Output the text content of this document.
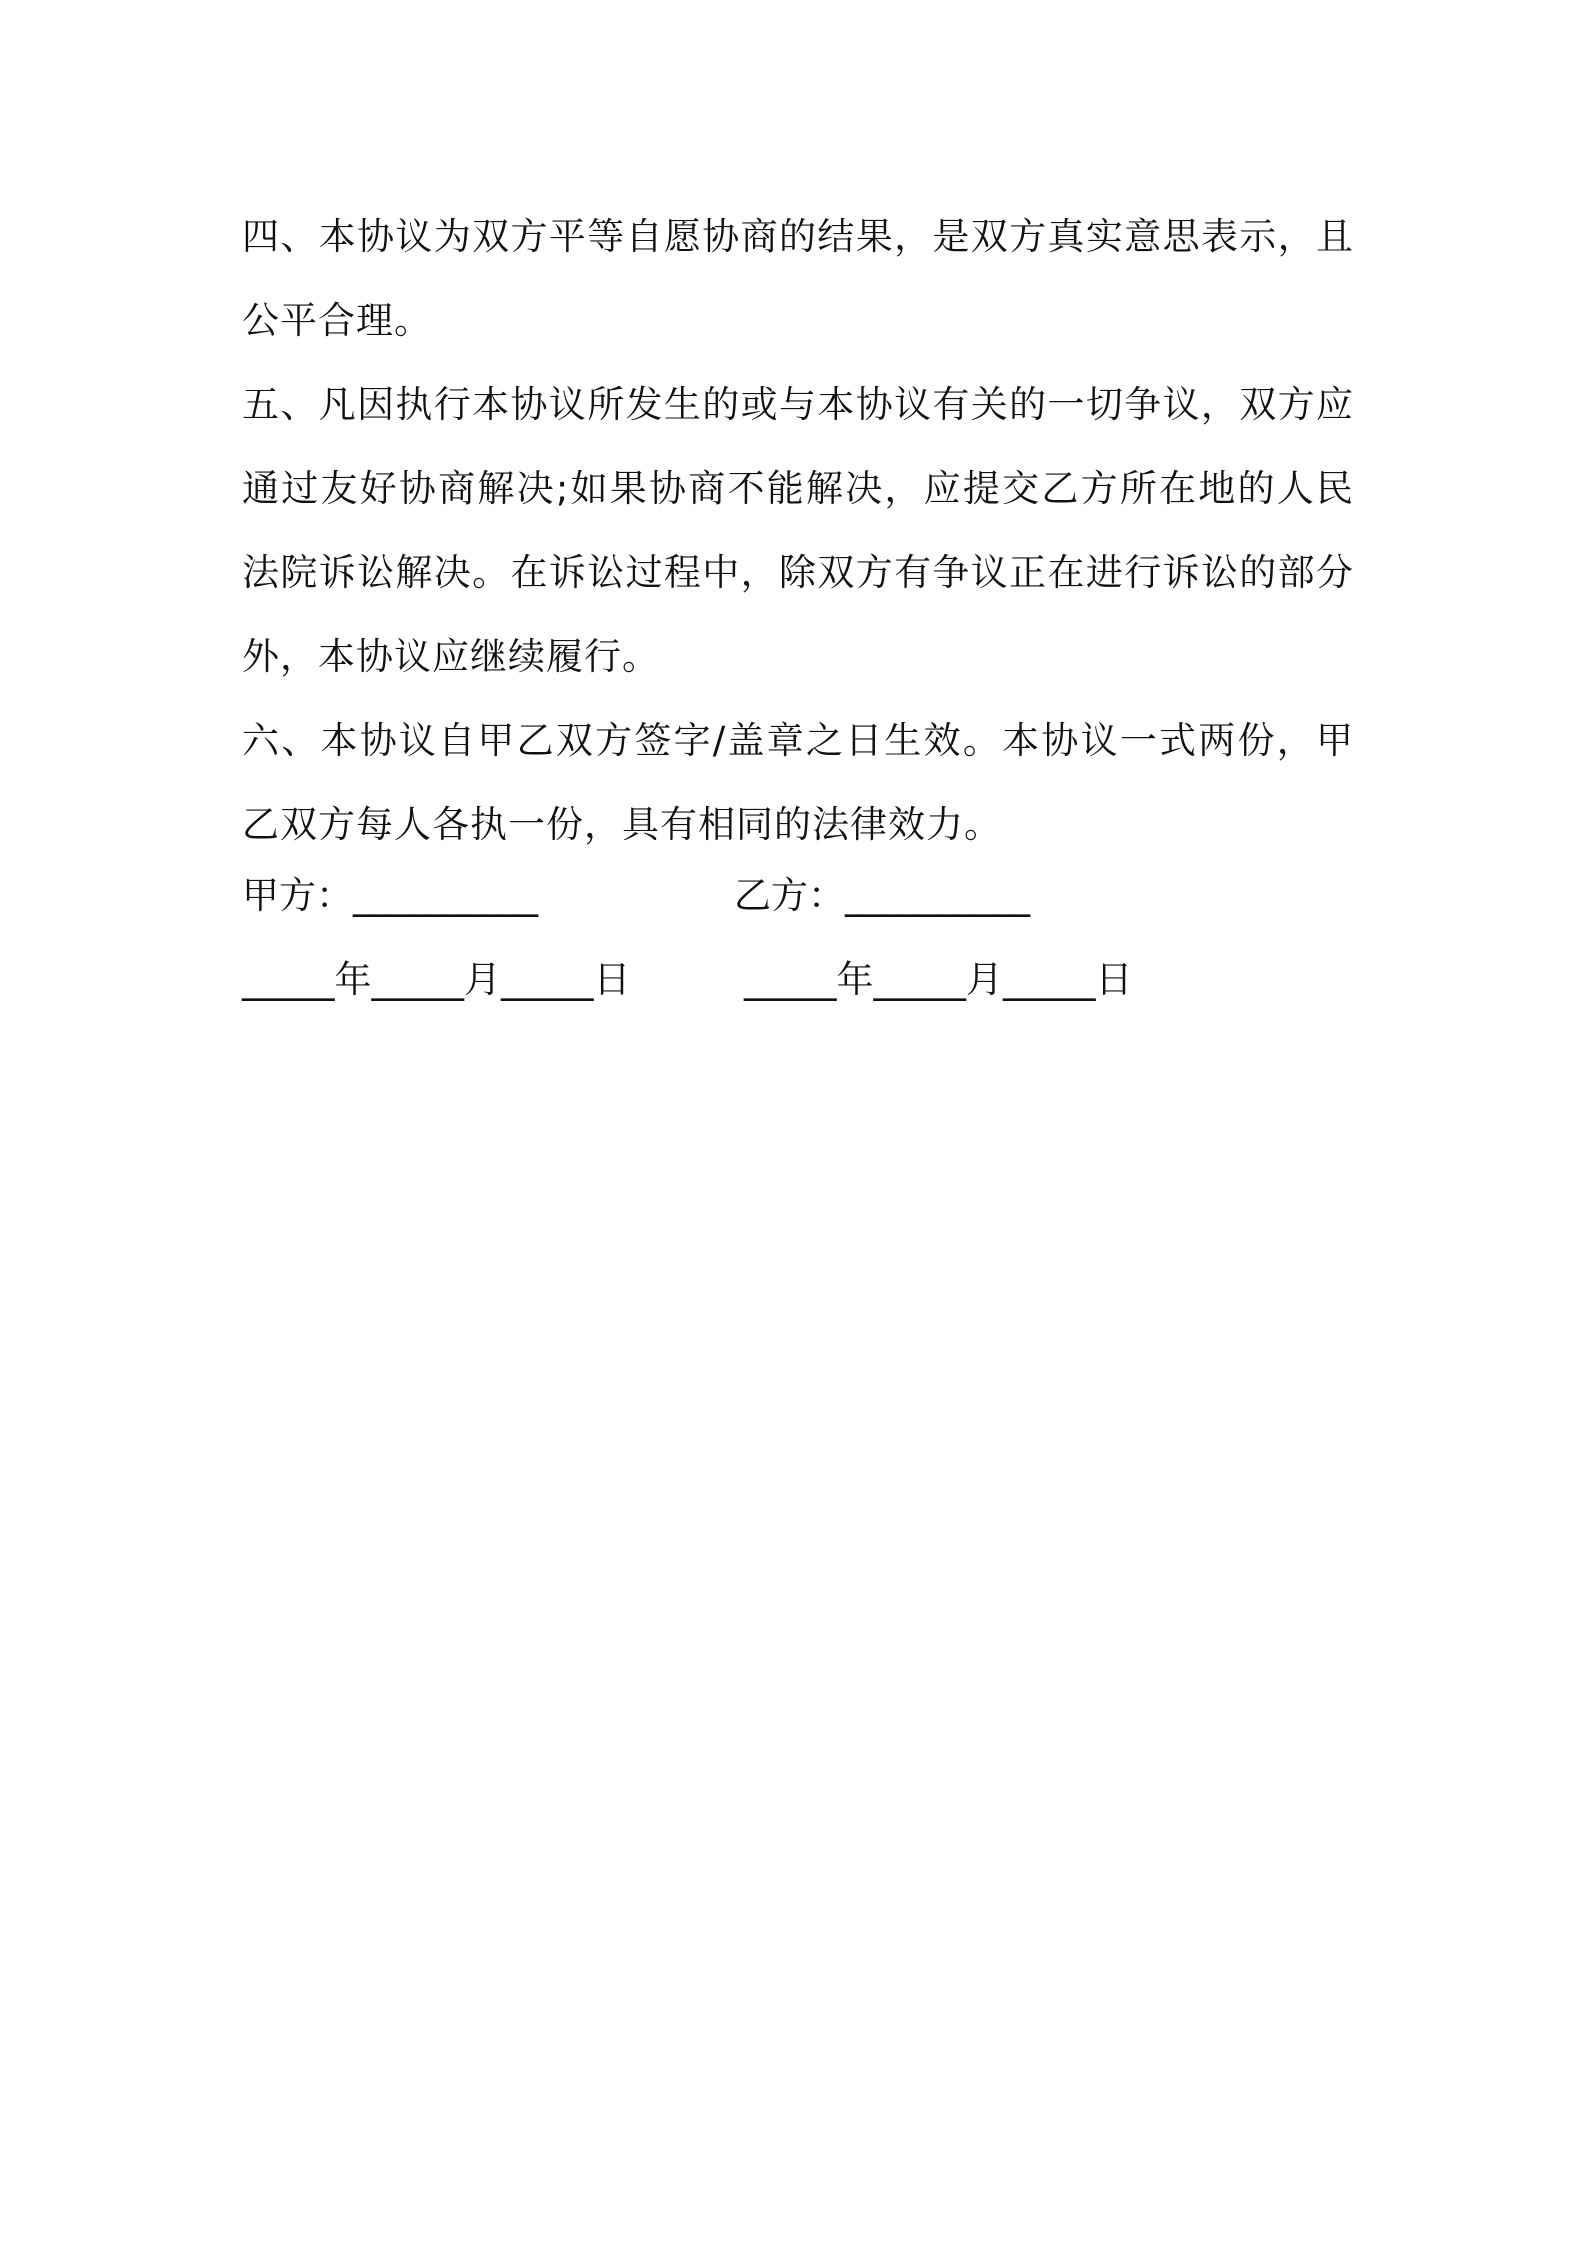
四、本协议为双方平等自愿协商的结果，是双方真实意思表示，且公平合理。

五、凡因执行本协议所发生的或与本协议有关的一切争议，双方应通过友好协商解决;如果协商不能解决，应提交乙方所在地的人民法院诉讼解决。在诉讼过程中，除双方有争议正在进行诉讼的部分外，本协议应继续履行。

六、本协议自甲乙双方签字/盖章之日生效。本协议一式两份，甲乙双方每人各执一份，具有相同的法律效力。

甲方：__________	乙方：__________
_____年_____月_____日	_____年_____月_____日
